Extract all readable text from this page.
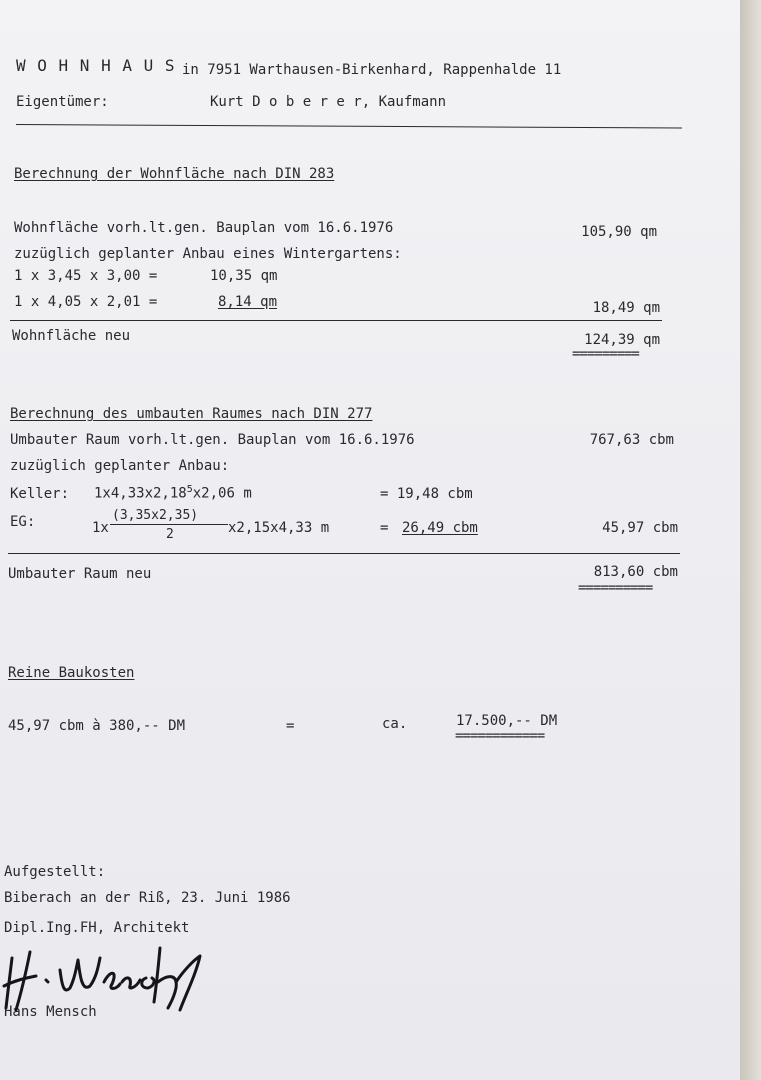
W O H N H A U S in 7951 Warthausen-Birkenhard, Rappenhalde 11
Eigentümer:	Kurt D o b e r e r, Kaufmann
Berechnung der Wohnfläche nach DIN 283
Wohnfläche vorh.lt.gen. Bauplan vom 16.6.1976	105,90 qm
zuzüglich geplanter Anbau eines Wintergartens:
1 x 3,45 x 3,00 =	10,35 qm
1 x 4,05 x 2,01 =	8,14 qm	18,49 qm
Wohnfläche neu	124,39 qm
=========
Berechnung des umbauten Raumes nach DIN 277
Umbauter Raum vorh.lt.gen. Bauplan vom 16.6.1976	767,63 cbm
zuzüglich geplanter Anbau:
Keller: 1x4,33x2,18$^5$x2,06 m	= 19,48 cbm
EG:	1x
(3,35x2,35)
2	x2,15x4,33 m	= 26,49 cbm	45,97 cbm
Umbauter Raum neu	813,60 cbm
==========
Reine Baukosten
45,97 cbm à 380,-- DM	=	ca.	17.500,-- DM
============
Aufgestellt:
Biberach an der Riß, 23. Juni 1986
Dipl.Ing.FH, Architekt
Hans Mensch
